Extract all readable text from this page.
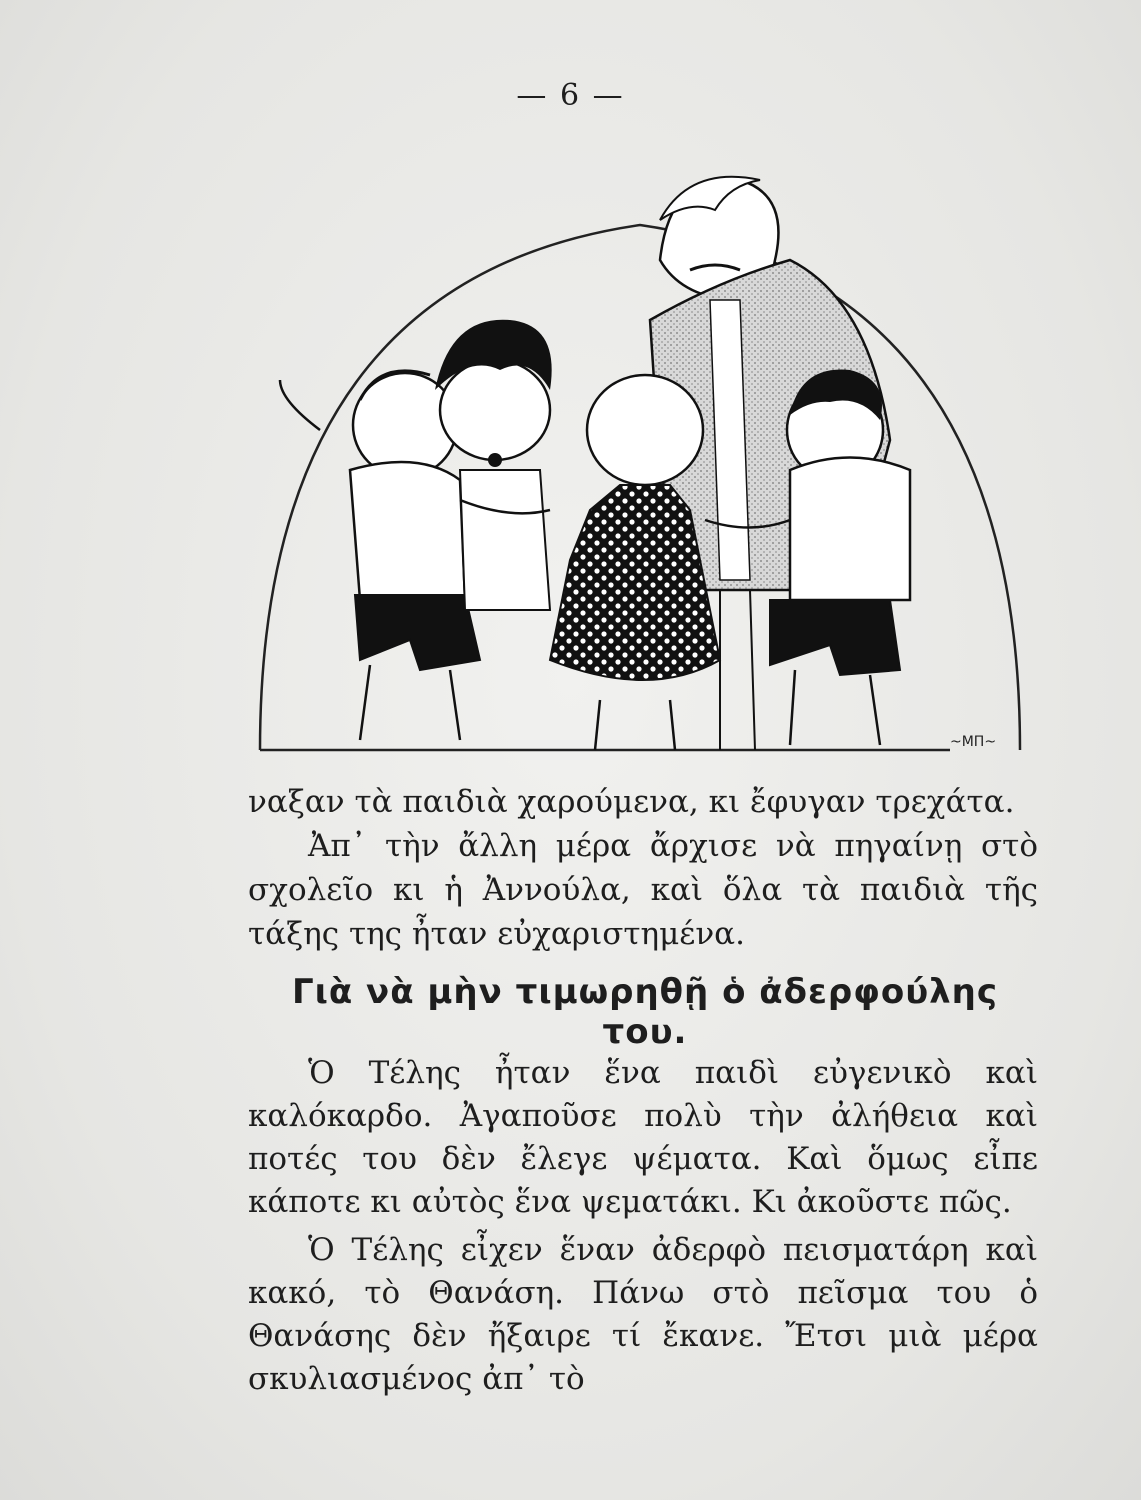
— 6 —
~ΜΠ~

ναξαν τὰ παιδιὰ χαρούμενα, κι ἔφυγαν τρεχάτα.

Ἀπ᾿ τὴν ἄλλη μέρα ἄρχισε νὰ πηγαίνῃ στὸ σχολεῖο κι ἡ Ἀννούλα, καὶ ὅλα τὰ παιδιὰ τῆς τάξης της ἦταν εὐχαριστημένα.

Γιὰ νὰ μὴν τιμωρηθῇ ὁ ἀδερφούλης του.

Ὁ Τέλης ἦταν ἕνα παιδὶ εὐγενικὸ καὶ καλόκαρδο. Ἀγαποῦσε πολὺ τὴν ἀλήθεια καὶ ποτές του δὲν ἔλεγε ψέματα. Καὶ ὅμως εἶπε κάποτε κι αὐτὸς ἕνα ψεματάκι. Κι ἀκοῦστε πῶς.

Ὁ Τέλης εἶχεν ἕναν ἀδερφὸ πεισματάρη καὶ κακό, τὸ Θανάση. Πάνω στὸ πεῖσμα του ὁ Θανάσης δὲν ἤξαιρε τί ἔκανε. Ἔτσι μιὰ μέρα σκυλιασμένος ἀπ᾿ τὸ
